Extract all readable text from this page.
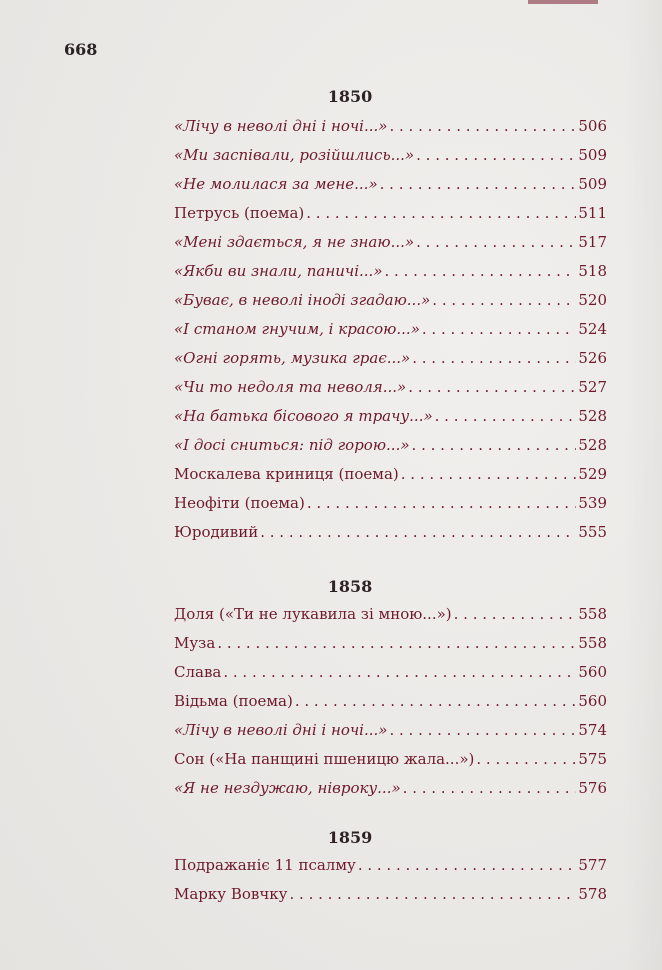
668
1850
«Лічу в неволі дні і ночі...» . . .	506
«Ми заспівали, розійшлись...» . . .	509
«Не молилася за мене...» . . .	509
Петрусь (поема) . . .	511
«Мені здається, я не знаю...» . . .	517
«Якби ви знали, паничі...» . . .	518
«Буває, в неволі іноді згадаю...» . . .	520
«І станом гнучим, і красою...» . . .	524
«Огні горять, музика грає...» . . .	526
«Чи то недоля та неволя...» . . .	527
«На батька бісового я трачу...» . . .	528
«І досі сниться: під горою...» . . .	528
Москалева криниця (поема) . . .	529
Неофіти (поема) . . .	539
Юродивий . . .	555
1858
Доля («Ти не лукавила зі мною...») . . .	558
Муза . . .	558
Слава . . .	560
Відьма (поема) . . .	560
«Лічу в неволі дні і ночі...» . . .	574
Сон («На панщині пшеницю жала...») . . .	575
«Я не нездужаю, нівроку...» . . .	576
1859
Подражаніє 11 псалму . . .	577
Марку Вовчку . . .	578
